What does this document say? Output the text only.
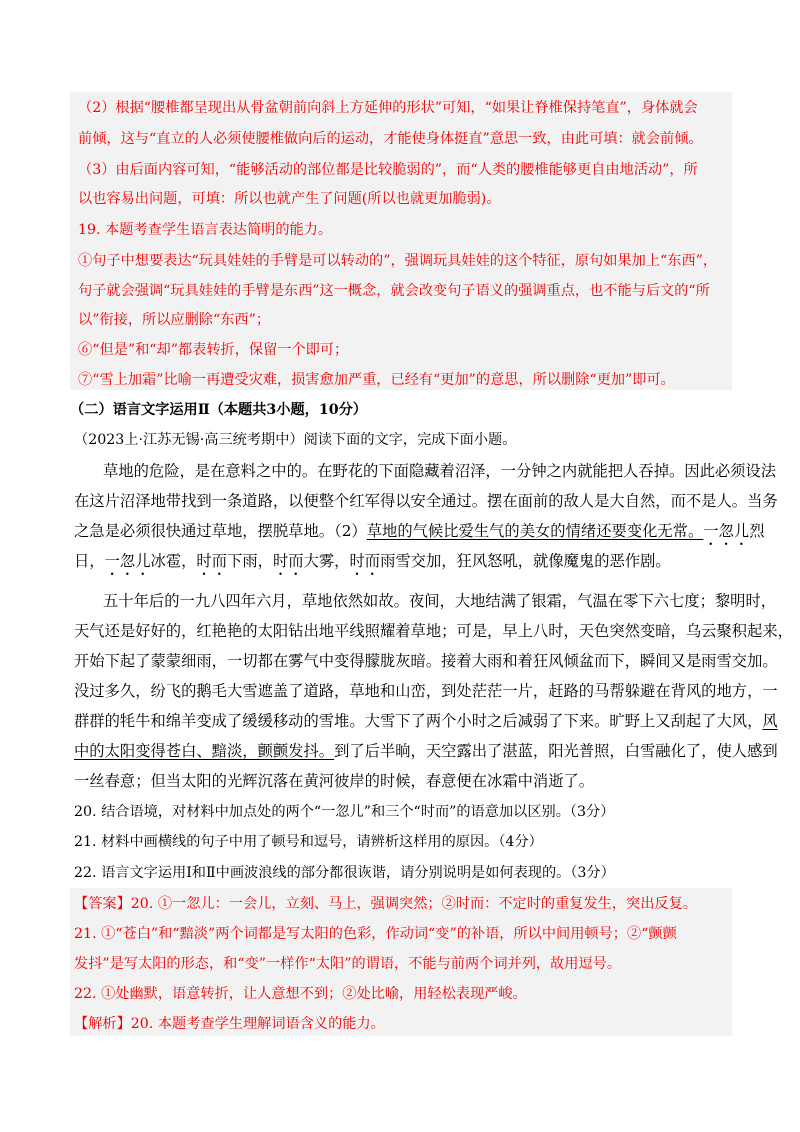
（2）根据“腰椎都呈现出从骨盆朝前向斜上方延伸的形状”可知，“如果让脊椎保持笔直”，身体就会
前倾，这与“直立的人必须使腰椎做向后的运动，才能使身体挺直”意思一致，由此可填：就会前倾。
（3）由后面内容可知，“能够活动的部位都是比较脆弱的”，而“人类的腰椎能够更自由地活动”，所
以也容易出问题，可填：所以也就产生了问题(所以也就更加脆弱)。
19. 本题考查学生语言表达简明的能力。
①句子中想要表达“玩具娃娃的手臂是可以转动的”，强调玩具娃娃的这个特征，原句如果加上“东西”，
句子就会强调“玩具娃娃的手臂是东西”这一概念，就会改变句子语义的强调重点，也不能与后文的“所
以”衔接，所以应删除“东西”；
⑥“但是”和“却”都表转折，保留一个即可；
⑦“雪上加霜”比喻一再遭受灾难，损害愈加严重，已经有“更加”的意思，所以删除“更加”即可。
（二）语言文字运用Ⅱ（本题共3小题，10分）
（2023上·江苏无锡·高三统考期中）阅读下面的文字，完成下面小题。
草地的危险，是在意料之中的。在野花的下面隐藏着沼泽，一分钟之内就能把人吞掉。因此必须设法
在这片沼泽地带找到一条道路，以便整个红军得以安全通过。摆在面前的敌人是大自然，而不是人。当务
之急是必须很快通过草地，摆脱草地。（2）草地的气候比爱生气的美女的情绪还要变化无常。一忽儿烈
日，一忽儿冰雹，时而下雨，时而大雾，时而雨雪交加，狂风怒吼，就像魔鬼的恶作剧。
五十年后的一九八四年六月，草地依然如故。夜间，大地结满了银霜，气温在零下六七度；黎明时，
天气还是好好的，红艳艳的太阳钻出地平线照耀着草地；可是，早上八时，天色突然变暗，乌云聚积起来，
开始下起了蒙蒙细雨，一切都在雾气中变得朦胧灰暗。接着大雨和着狂风倾盆而下，瞬间又是雨雪交加。
没过多久，纷飞的鹅毛大雪遮盖了道路，草地和山峦，到处茫茫一片，赶路的马帮躲避在背风的地方，一
群群的牦牛和绵羊变成了缓缓移动的雪堆。大雪下了两个小时之后减弱了下来。旷野上又刮起了大风，风
中的太阳变得苍白、黯淡，颤颤发抖。到了后半晌，天空露出了湛蓝，阳光普照，白雪融化了，使人感到
一丝春意；但当太阳的光辉沉落在黄河彼岸的时候，春意便在冰霜中消逝了。
20. 结合语境，对材料中加点处的两个“一忽儿”和三个“时而”的语意加以区别。（3分）
21. 材料中画横线的句子中用了顿号和逗号，请辨析这样用的原因。（4分）
22. 语言文字运用Ⅰ和Ⅱ中画波浪线的部分都很诙谐，请分别说明是如何表现的。（3分）
【答案】20. ①一忽儿：一会儿，立刻、马上，强调突然；②时而：不定时的重复发生，突出反复。
21. ①“苍白”和“黯淡”两个词都是写太阳的色彩，作动词“变”的补语，所以中间用顿号；②“颤颤
发抖”是写太阳的形态，和“变”一样作“太阳”的谓语，不能与前两个词并列，故用逗号。
22. ①处幽默，语意转折，让人意想不到；②处比喻，用轻松表现严峻。
【解析】20. 本题考查学生理解词语含义的能力。
